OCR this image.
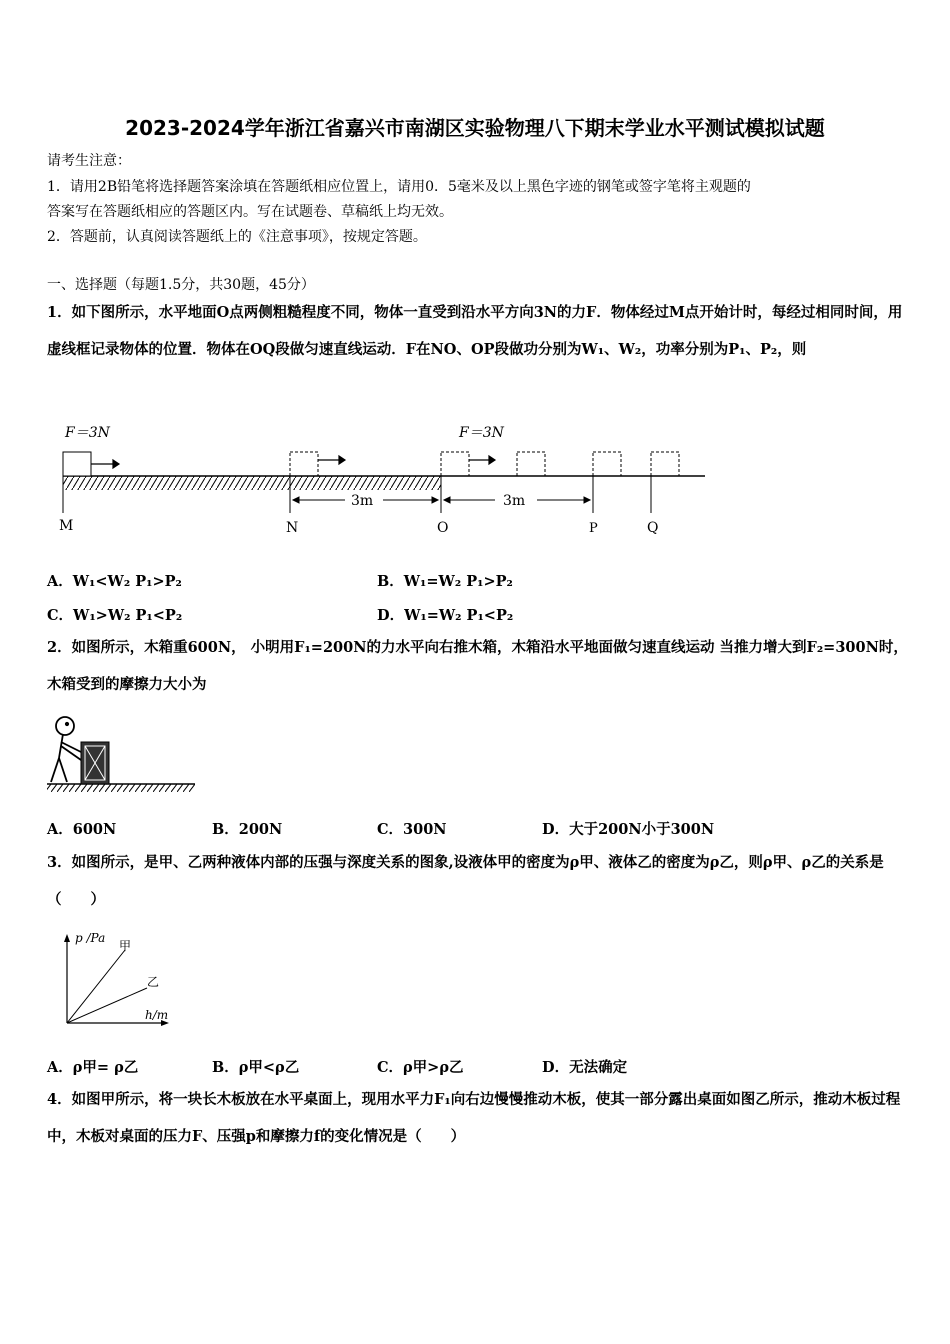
2023-2024学年浙江省嘉兴市南湖区实验物理八下期末学业水平测试模拟试题
请考生注意：
1．请用2B铅笔将选择题答案涂填在答题纸相应位置上，请用0．5毫米及以上黑色字迹的钢笔或签字笔将主观题的
答案写在答题纸相应的答题区内。写在试题卷、草稿纸上均无效。
2．答题前，认真阅读答题纸上的《注意事项》，按规定答题。
一、选择题（每题1.5分，共30题，45分）
1．如下图所示，水平地面O点两侧粗糙程度不同，物体一直受到沿水平方向3N的力F．物体经过M点开始计时，每经过相同时间，用虚线框记录物体的位置．物体在OQ段做匀速直线运动．F在NO、OP段做功分别为W₁、W₂，功率分别为P₁、P₂，则
F＝3N	F＝3N
3m	3m
M	N	O	P	Q
A．W₁<W₂ P₁>P₂	B．W₁=W₂ P₁>P₂
C．W₁>W₂ P₁<P₂	D．W₁=W₂ P₁<P₂
2．如图所示，木箱重600N， 小明用F₁=200N的力水平向右推木箱，木箱沿水平地面做匀速直线运动 当推力增大到F₂=300N时，木箱受到的摩擦力大小为
A．600N	B．200N	C．300N	D．大于200N小于300N
3．如图所示，是甲、乙两种液体内部的压强与深度关系的图象,设液体甲的密度为ρ甲、液体乙的密度为ρ乙，则ρ甲、ρ乙的关系是 （　　）
p /Pa
h/m
甲
乙
A．ρ甲= ρ乙	B．ρ甲<ρ乙	C．ρ甲>ρ乙	D．无法确定
4．如图甲所示，将一块长木板放在水平桌面上，现用水平力F₁向右边慢慢推动木板，使其一部分露出桌面如图乙所示，推动木板过程中，木板对桌面的压力F、压强p和摩擦力f的变化情况是（　　）
